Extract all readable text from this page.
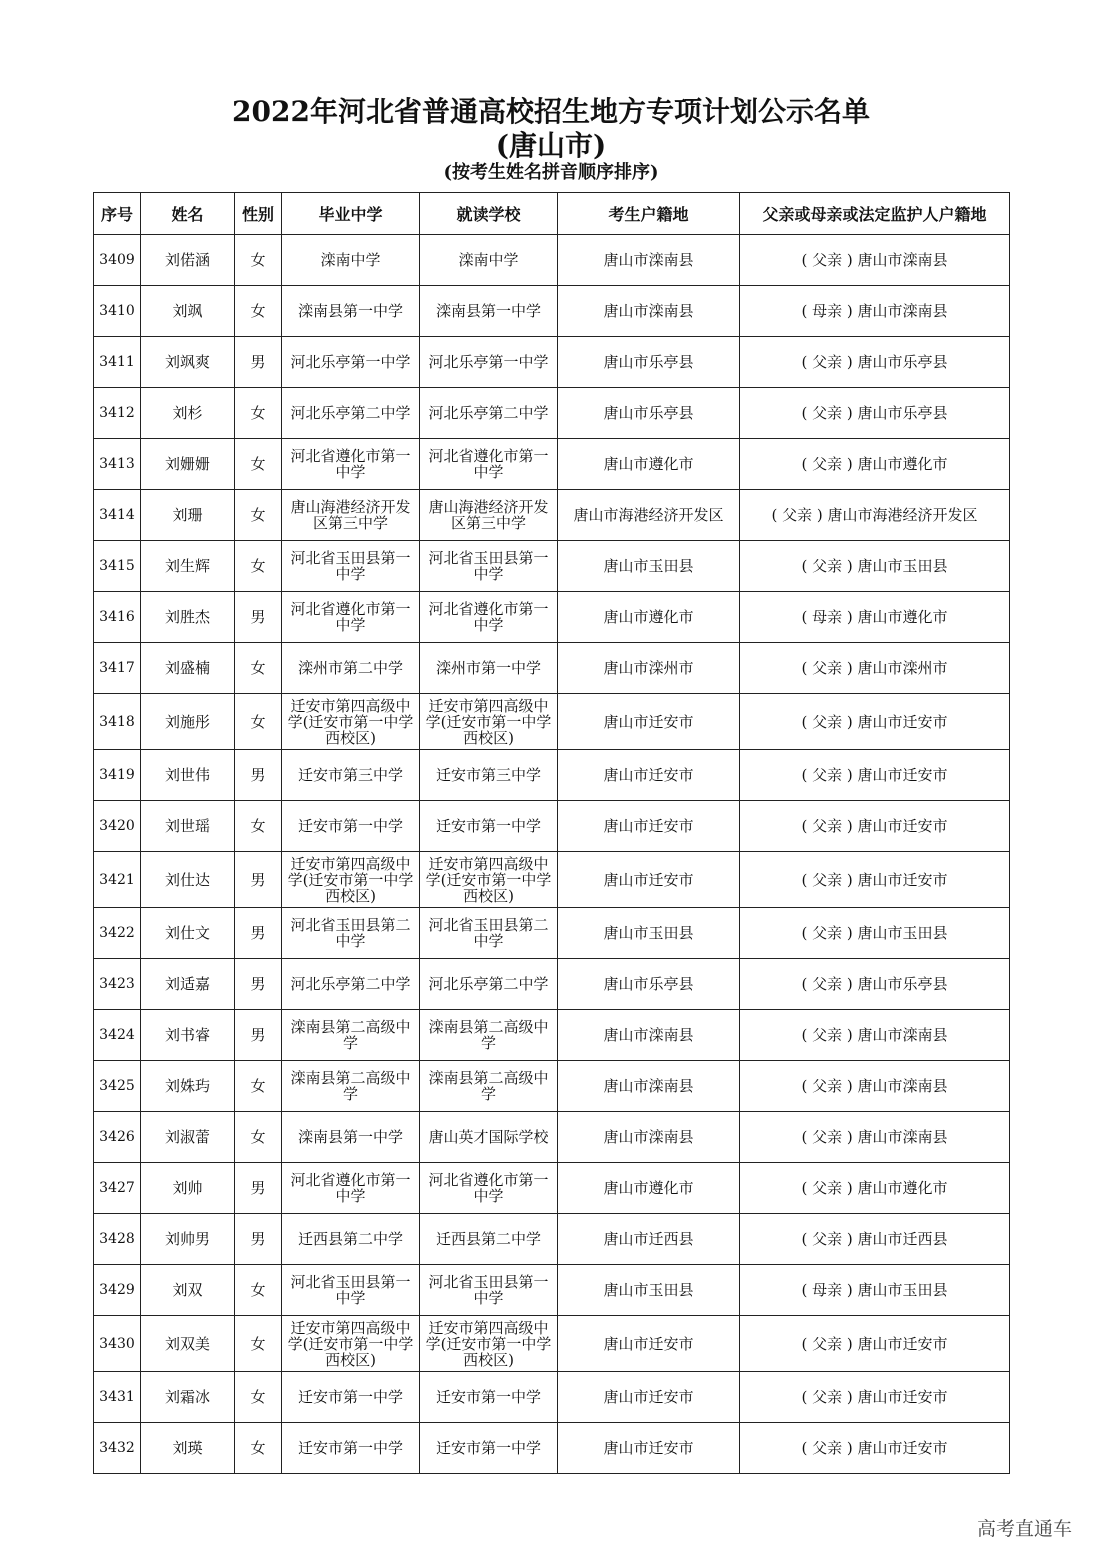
2022年河北省普通高校招生地方专项计划公示名单
(唐山市)
(按考生姓名拼音顺序排序)
序号	姓名	性别	毕业中学	就读学校	考生户籍地	父亲或母亲或法定监护人户籍地
3409	刘偌涵	女	滦南中学	滦南中学	唐山市滦南县	( 父亲 ) 唐山市滦南县
3410	刘飒	女	滦南县第一中学	滦南县第一中学	唐山市滦南县	( 母亲 ) 唐山市滦南县
3411	刘飒爽	男	河北乐亭第一中学	河北乐亭第一中学	唐山市乐亭县	( 父亲 ) 唐山市乐亭县
3412	刘杉	女	河北乐亭第二中学	河北乐亭第二中学	唐山市乐亭县	( 父亲 ) 唐山市乐亭县
3413	刘姗姗	女	河北省遵化市第一中学	河北省遵化市第一中学	唐山市遵化市	( 父亲 ) 唐山市遵化市
3414	刘珊	女	唐山海港经济开发区第三中学	唐山海港经济开发区第三中学	唐山市海港经济开发区	( 父亲 ) 唐山市海港经济开发区
3415	刘生辉	女	河北省玉田县第一中学	河北省玉田县第一中学	唐山市玉田县	( 父亲 ) 唐山市玉田县
3416	刘胜杰	男	河北省遵化市第一中学	河北省遵化市第一中学	唐山市遵化市	( 母亲 ) 唐山市遵化市
3417	刘盛楠	女	滦州市第二中学	滦州市第一中学	唐山市滦州市	( 父亲 ) 唐山市滦州市
3418	刘施彤	女	迁安市第四高级中学(迁安市第一中学西校区)	迁安市第四高级中学(迁安市第一中学西校区)	唐山市迁安市	( 父亲 ) 唐山市迁安市
3419	刘世伟	男	迁安市第三中学	迁安市第三中学	唐山市迁安市	( 父亲 ) 唐山市迁安市
3420	刘世瑶	女	迁安市第一中学	迁安市第一中学	唐山市迁安市	( 父亲 ) 唐山市迁安市
3421	刘仕达	男	迁安市第四高级中学(迁安市第一中学西校区)	迁安市第四高级中学(迁安市第一中学西校区)	唐山市迁安市	( 父亲 ) 唐山市迁安市
3422	刘仕文	男	河北省玉田县第二中学	河北省玉田县第二中学	唐山市玉田县	( 父亲 ) 唐山市玉田县
3423	刘适嘉	男	河北乐亭第二中学	河北乐亭第二中学	唐山市乐亭县	( 父亲 ) 唐山市乐亭县
3424	刘书睿	男	滦南县第二高级中学	滦南县第二高级中学	唐山市滦南县	( 父亲 ) 唐山市滦南县
3425	刘姝玙	女	滦南县第二高级中学	滦南县第二高级中学	唐山市滦南县	( 父亲 ) 唐山市滦南县
3426	刘淑蕾	女	滦南县第一中学	唐山英才国际学校	唐山市滦南县	( 父亲 ) 唐山市滦南县
3427	刘帅	男	河北省遵化市第一中学	河北省遵化市第一中学	唐山市遵化市	( 父亲 ) 唐山市遵化市
3428	刘帅男	男	迁西县第二中学	迁西县第二中学	唐山市迁西县	( 父亲 ) 唐山市迁西县
3429	刘双	女	河北省玉田县第一中学	河北省玉田县第一中学	唐山市玉田县	( 母亲 ) 唐山市玉田县
3430	刘双美	女	迁安市第四高级中学(迁安市第一中学西校区)	迁安市第四高级中学(迁安市第一中学西校区)	唐山市迁安市	( 父亲 ) 唐山市迁安市
3431	刘霜冰	女	迁安市第一中学	迁安市第一中学	唐山市迁安市	( 父亲 ) 唐山市迁安市
3432	刘瑛	女	迁安市第一中学	迁安市第一中学	唐山市迁安市	( 父亲 ) 唐山市迁安市
高考直通车
